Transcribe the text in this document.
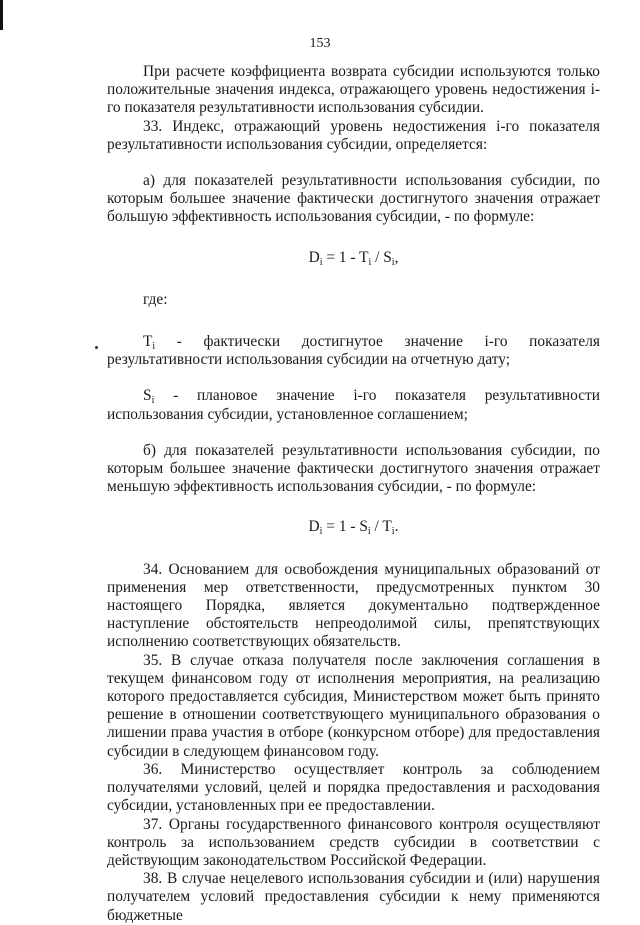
153

При расчете коэффициента возврата субсидии используются только положительные значения индекса, отражающего уровень недостижения i-го показателя результативности использования субсидии.

33. Индекс, отражающий уровень недостижения i-го показателя результативности использования субсидии, определяется:

а) для показателей результативности использования субсидии, по которым большее значение фактически достигнутого значения отражает большую эффективность использования субсидии, - по формуле:

$D_i = 1 - T_i / S_i$,

где:

$T_i$ - фактически достигнутое значение i-го показателя результативности использования субсидии на отчетную дату;

$S_i$ - плановое значение i-го показателя результативности использования субсидии, установленное соглашением;

б) для показателей результативности использования субсидии, по которым большее значение фактически достигнутого значения отражает меньшую эффективность использования субсидии, - по формуле:

$D_i = 1 - S_i / T_i$.

34. Основанием для освобождения муниципальных образований от применения мер ответственности, предусмотренных пунктом 30 настоящего Порядка, является документально подтвержденное наступление обстоятельств непреодолимой силы, препятствующих исполнению соответствующих обязательств.

35. В случае отказа получателя после заключения соглашения в текущем финансовом году от исполнения мероприятия, на реализацию которого предоставляется субсидия, Министерством может быть принято решение в отношении соответствующего муниципального образования о лишении права участия в отборе (конкурсном отборе) для предоставления субсидии в следующем финансовом году.

36. Министерство осуществляет контроль за соблюдением получателями условий, целей и порядка предоставления и расходования субсидии, установленных при ее предоставлении.

37. Органы государственного финансового контроля осуществляют контроль за использованием средств субсидии в соответствии с действующим законодательством Российской Федерации.

38. В случае нецелевого использования субсидии и (или) нарушения получателем условий предоставления субсидии к нему применяются бюджетные
